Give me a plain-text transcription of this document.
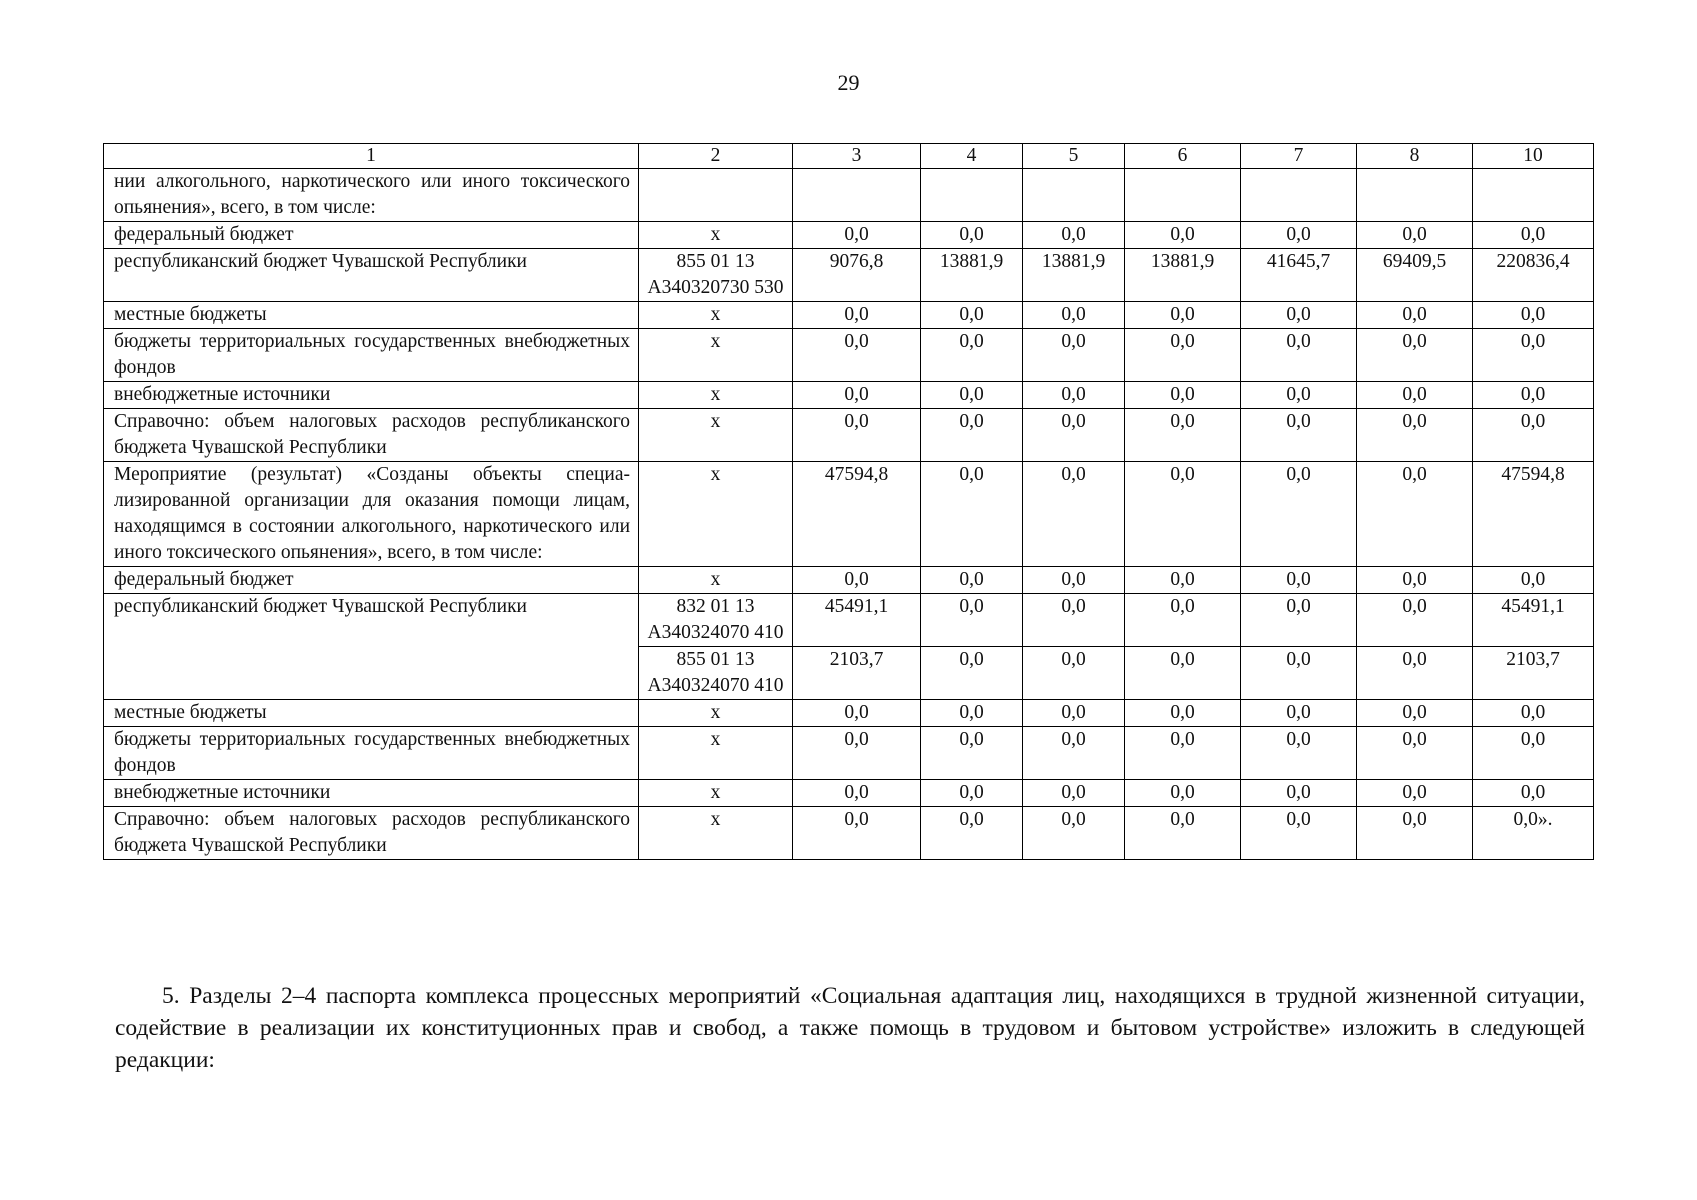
29
1	2	3	4	5	6	7	8	10
нии алкогольного, наркотического или иного токсического опьянения», всего, в том числе:								
федеральный бюджет	x	0,0	0,0	0,0	0,0	0,0	0,0	0,0
республиканский бюджет Чувашской Республики	855 01 13 А340320730 530	9076,8	13881,9	13881,9	13881,9	41645,7	69409,5	220836,4
местные бюджеты	x	0,0	0,0	0,0	0,0	0,0	0,0	0,0
бюджеты территориальных государственных внебюджетных фондов	x	0,0	0,0	0,0	0,0	0,0	0,0	0,0
внебюджетные источники	x	0,0	0,0	0,0	0,0	0,0	0,0	0,0
Справочно: объем налоговых расходов республиканского бюджета Чувашской Республики	x	0,0	0,0	0,0	0,0	0,0	0,0	0,0
Мероприятие (результат) «Созданы объекты специализированной организации для оказания помощи лицам, находящимся в состоянии алкогольного, наркотического или иного токсического опьянения», всего, в том числе:	x	47594,8	0,0	0,0	0,0	0,0	0,0	47594,8
федеральный бюджет	x	0,0	0,0	0,0	0,0	0,0	0,0	0,0
республиканский бюджет Чувашской Республики	832 01 13 А340324070 410	45491,1	0,0	0,0	0,0	0,0	0,0	45491,1
	855 01 13 А340324070 410	2103,7	0,0	0,0	0,0	0,0	0,0	2103,7
местные бюджеты	x	0,0	0,0	0,0	0,0	0,0	0,0	0,0
бюджеты территориальных государственных внебюджетных фондов	x	0,0	0,0	0,0	0,0	0,0	0,0	0,0
внебюджетные источники	x	0,0	0,0	0,0	0,0	0,0	0,0	0,0
Справочно: объем налоговых расходов республиканского бюджета Чувашской Республики	x	0,0	0,0	0,0	0,0	0,0	0,0	0,0».

5. Разделы 2–4 паспорта комплекса процессных мероприятий «Социальная адаптация лиц, находящихся в трудной жизненной ситуации, содействие в реализации их конституционных прав и свобод, а также помощь в трудовом и бытовом устройстве» изложить в следующей редакции:
